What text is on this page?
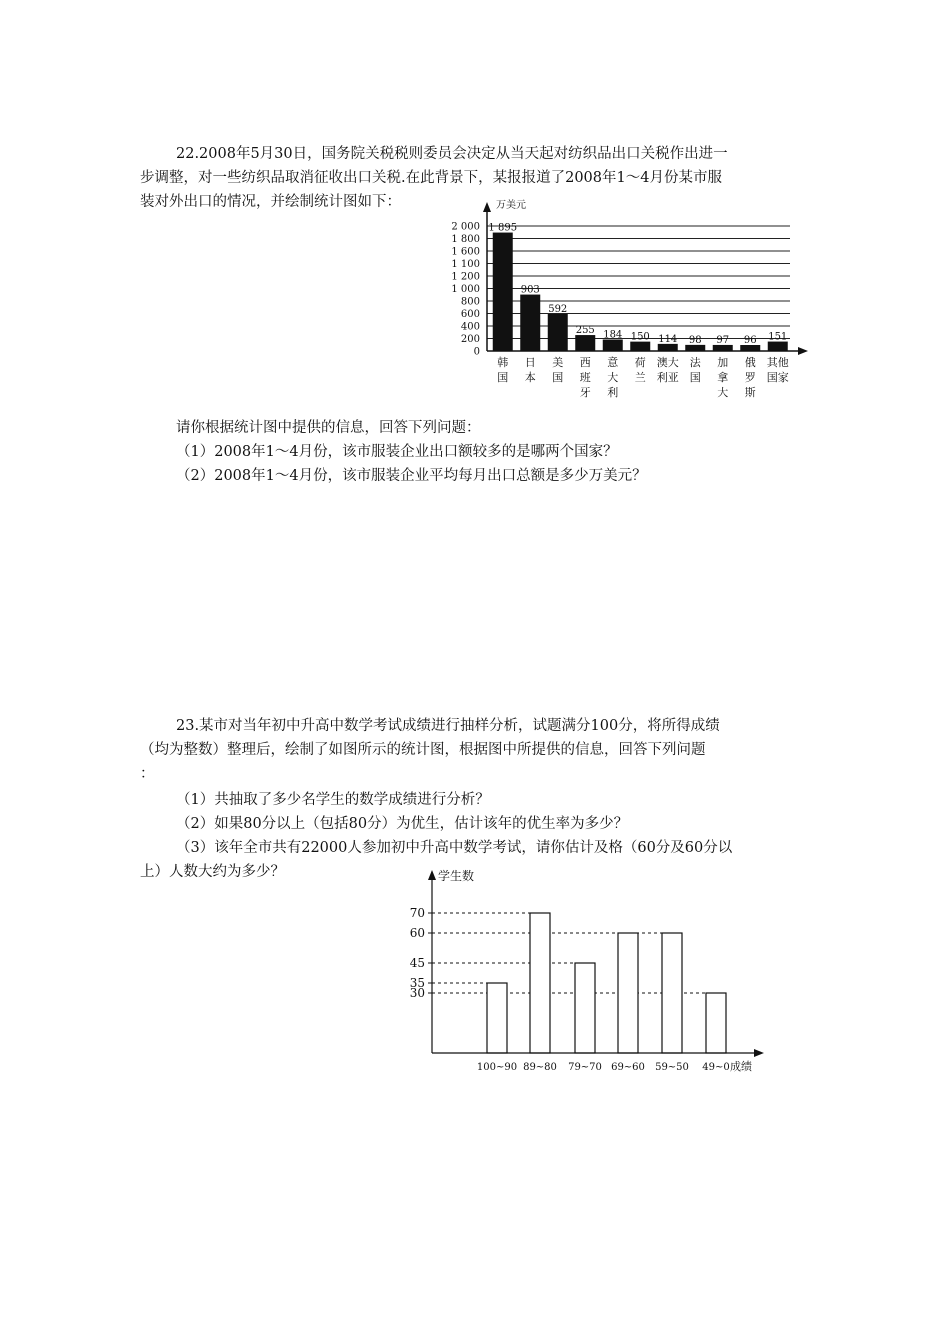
22.2008年5月30日，国务院关税税则委员会决定从当天起对纺织品出口关税作出进一
步调整，对一些纺织品取消征收出口关税.在此背景下，某报报道了2008年1～4月份某市服
装对外出口的情况，并绘制统计图如下：
0
200
400
600
800
1 000
1 200
1 100
1 600
1 800
2 000 1 895
903
592
255 184 150 114 98 97 96 151
韩
国
日
本
美
国
西
班
牙
意
大
利
荷
兰
澳大
利亚
法
国
加
拿
大
俄
罗
斯
其他
国家
万美元
请你根据统计图中提供的信息，回答下列问题：
（1）2008年1～4月份，该市服装企业出口额较多的是哪两个国家？
（2）2008年1～4月份，该市服装企业平均每月出口总额是多少万美元？
23.某市对当年初中升高中数学考试成绩进行抽样分析，试题满分100分，将所得成绩
（均为整数）整理后，绘制了如图所示的统计图，根据图中所提供的信息，回答下列问题
：
（1）共抽取了多少名学生的数学成绩进行分析？
（2）如果80分以上（包括80分）为优生，估计该年的优生率为多少？
（3）该年全市共有22000人参加初中升高中数学考试，请你估计及格（60分及60分以
上）人数大约为多少？
30
35
45
60
70
100~90 89~80 79~70 69~60 59~50 49~0
学生数
成绩
